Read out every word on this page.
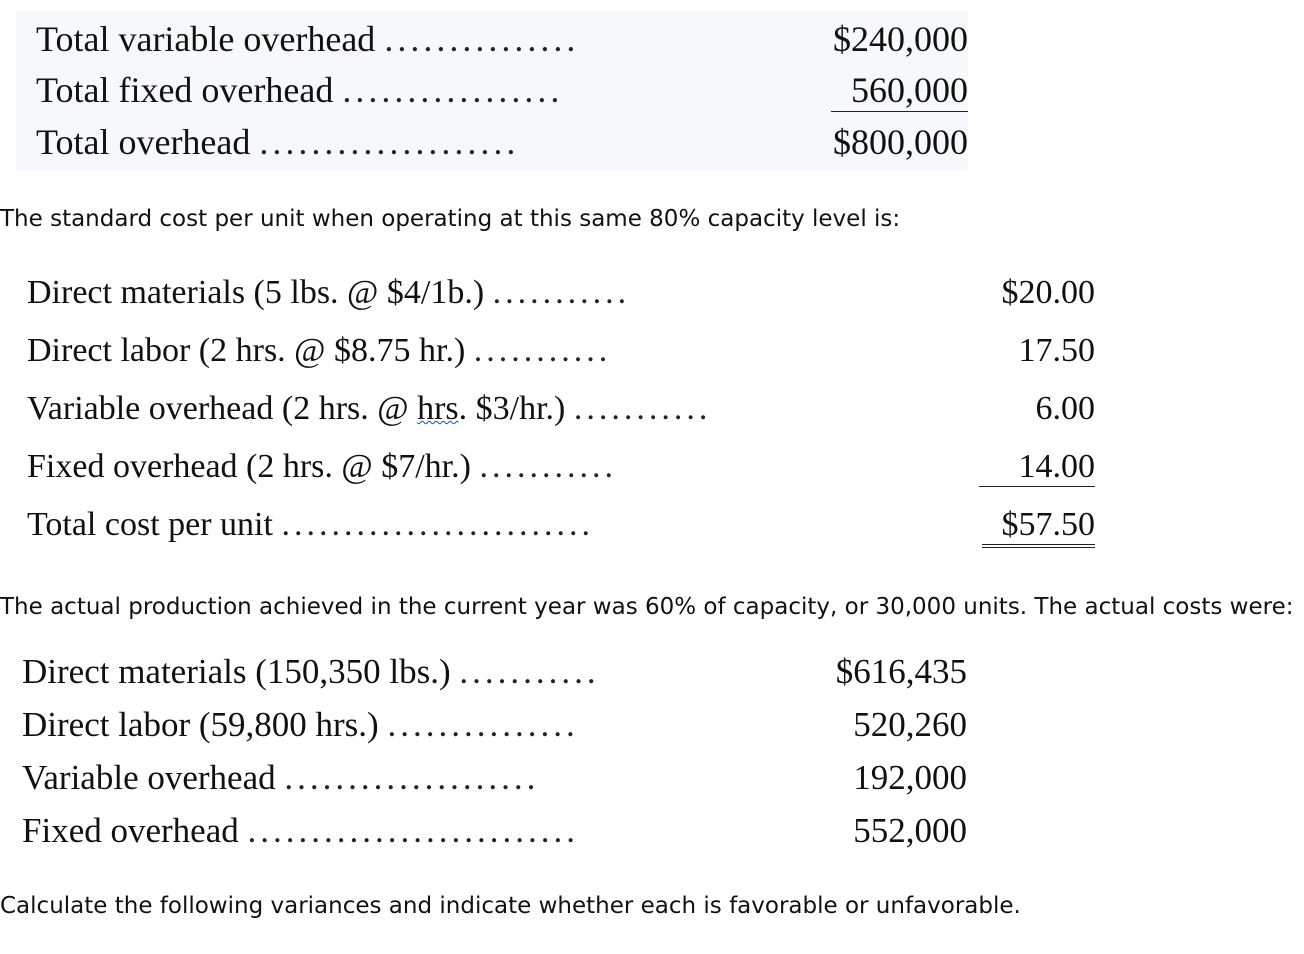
Total variable overhead ...............	$240,000
Total fixed overhead .................	560,000
Total overhead ....................	$800,000
The standard cost per unit when operating at this same 80% capacity level is:
Direct materials (5 lbs. @ $4/1b.) ...........	$20.00
Direct labor (2 hrs. @ $8.75 hr.) ...........	17.50
Variable overhead (2 hrs. @ hrs. $3/hr.) ...........	6.00
Fixed overhead (2 hrs. @ $7/hr.) ...........	14.00
Total cost per unit .........................	$57.50
The actual production achieved in the current year was 60% of capacity, or 30,000 units. The actual costs were:
Direct materials (150,350 lbs.) ...........	$616,435
Direct labor (59,800 hrs.) ...............	520,260
Variable overhead ....................	192,000
Fixed overhead ..........................	552,000
Calculate the following variances and indicate whether each is favorable or unfavorable.
